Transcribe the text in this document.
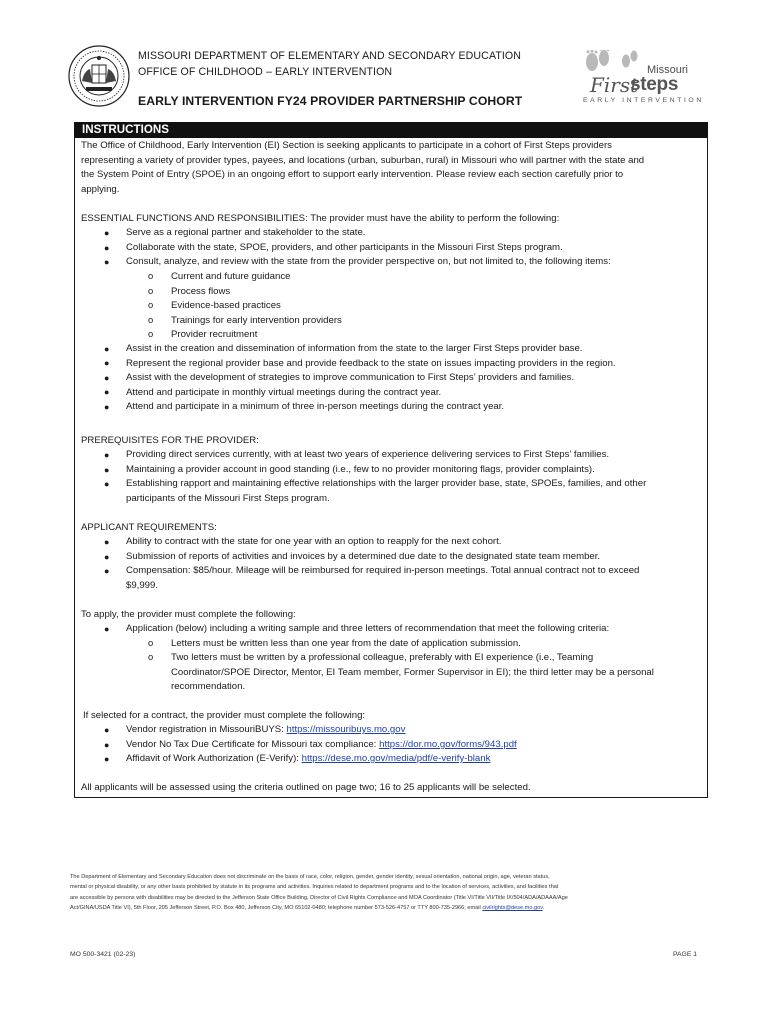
MISSOURI DEPARTMENT OF ELEMENTARY AND SECONDARY EDUCATION
OFFICE OF CHILDHOOD – EARLY INTERVENTION
EARLY INTERVENTION FY24 PROVIDER PARTNERSHIP COHORT
Missouri
First
steps
EARLY INTERVENTION
INSTRUCTIONS
The Office of Childhood, Early Intervention (EI) Section is seeking applicants to participate in a cohort of First Steps providers
representing a variety of provider types, payees, and locations (urban, suburban, rural) in Missouri who will partner with the state and
the System Point of Entry (SPOE) in an ongoing effort to support early intervention. Please review each section carefully prior to
applying.
ESSENTIAL FUNCTIONS AND RESPONSIBILITIES: The provider must have the ability to perform the following:
● Serve as a regional partner and stakeholder to the state.
● Collaborate with the state, SPOE, providers, and other participants in the Missouri First Steps program.
● Consult, analyze, and review with the state from the provider perspective on, but not limited to, the following items:
o Current and future guidance
o Process flows
o Evidence-based practices
o Trainings for early intervention providers
o Provider recruitment
● Assist in the creation and dissemination of information from the state to the larger First Steps provider base.
● Represent the regional provider base and provide feedback to the state on issues impacting providers in the region.
● Assist with the development of strategies to improve communication to First Steps’ providers and families.
● Attend and participate in monthly virtual meetings during the contract year.
● Attend and participate in a minimum of three in-person meetings during the contract year.
PREREQUISITES FOR THE PROVIDER:
● Providing direct services currently, with at least two years of experience delivering services to First Steps’ families.
● Maintaining a provider account in good standing (i.e., few to no provider monitoring flags, provider complaints).
● Establishing rapport and maintaining effective relationships with the larger provider base, state, SPOEs, families, and other
participants of the Missouri First Steps program.
APPLICANT REQUIREMENTS:
● Ability to contract with the state for one year with an option to reapply for the next cohort.
● Submission of reports of activities and invoices by a determined due date to the designated state team member.
● Compensation: $85/hour. Mileage will be reimbursed for required in-person meetings. Total annual contract not to exceed
$9,999.
To apply, the provider must complete the following:
● Application (below) including a writing sample and three letters of recommendation that meet the following criteria:
o Letters must be written less than one year from the date of application submission.
o Two letters must be written by a professional colleague, preferably with EI experience (i.e., Teaming
Coordinator/SPOE Director, Mentor, EI Team member, Former Supervisor in EI); the third letter may be a personal
recommendation.
If selected for a contract, the provider must complete the following:
● Vendor registration in MissouriBUYS: https://missouribuys.mo.gov
● Vendor No Tax Due Certificate for Missouri tax compliance: https://dor.mo.gov/forms/943.pdf
● Affidavit of Work Authorization (E-Verify): https://dese.mo.gov/media/pdf/e-verify-blank
All applicants will be assessed using the criteria outlined on page two; 16 to 25 applicants will be selected.
The Department of Elementary and Secondary Education does not discriminate on the basis of race, color, religion, gender, gender identity, sexual orientation, national origin, age, veteran status,
mental or physical disability, or any other basis prohibited by statute in its programs and activities. Inquiries related to department programs and to the location of services, activities, and facilities that
are accessible by persons with disabilities may be directed to the Jefferson State Office Building, Director of Civil Rights Compliance and MOA Coordinator (Title VI/Title VII/Title IX/504/ADA/ADAAA/Age
Act/GINA/USDA Title VI), 5th Floor, 205 Jefferson Street, P.O. Box 480, Jefferson City, MO 65102-0480; telephone number 573-526-4757 or TTY 800-735-2966; email civilrights@dese.mo.gov.
MO 500-3421 (02-23)	PAGE 1
